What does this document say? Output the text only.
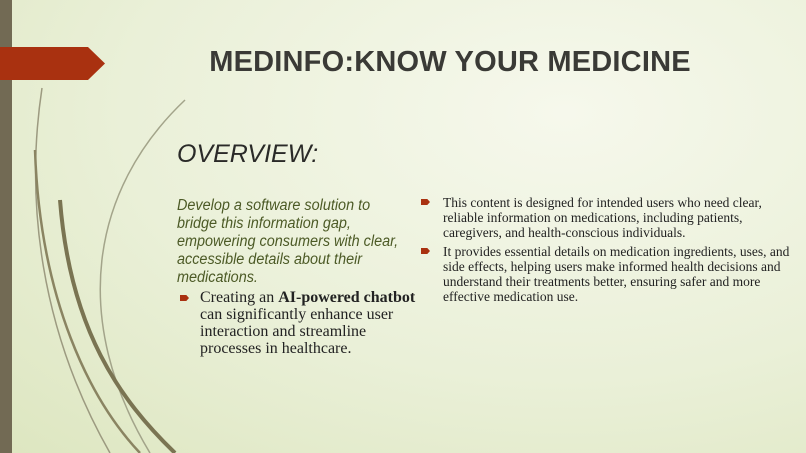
MEDINFO:KNOW YOUR MEDICINE
OVERVIEW:
Develop a software solution to bridge this information gap, empowering consumers with clear, accessible details about their medications.
Creating an AI-powered chatbot can significantly enhance user interaction and streamline processes in healthcare.
This content is designed for intended users who need clear, reliable information on medications, including patients, caregivers, and health-conscious individuals.
It provides essential details on medication ingredients, uses, and side effects, helping users make informed health decisions and understand their treatments better, ensuring safer and more effective medication use.
